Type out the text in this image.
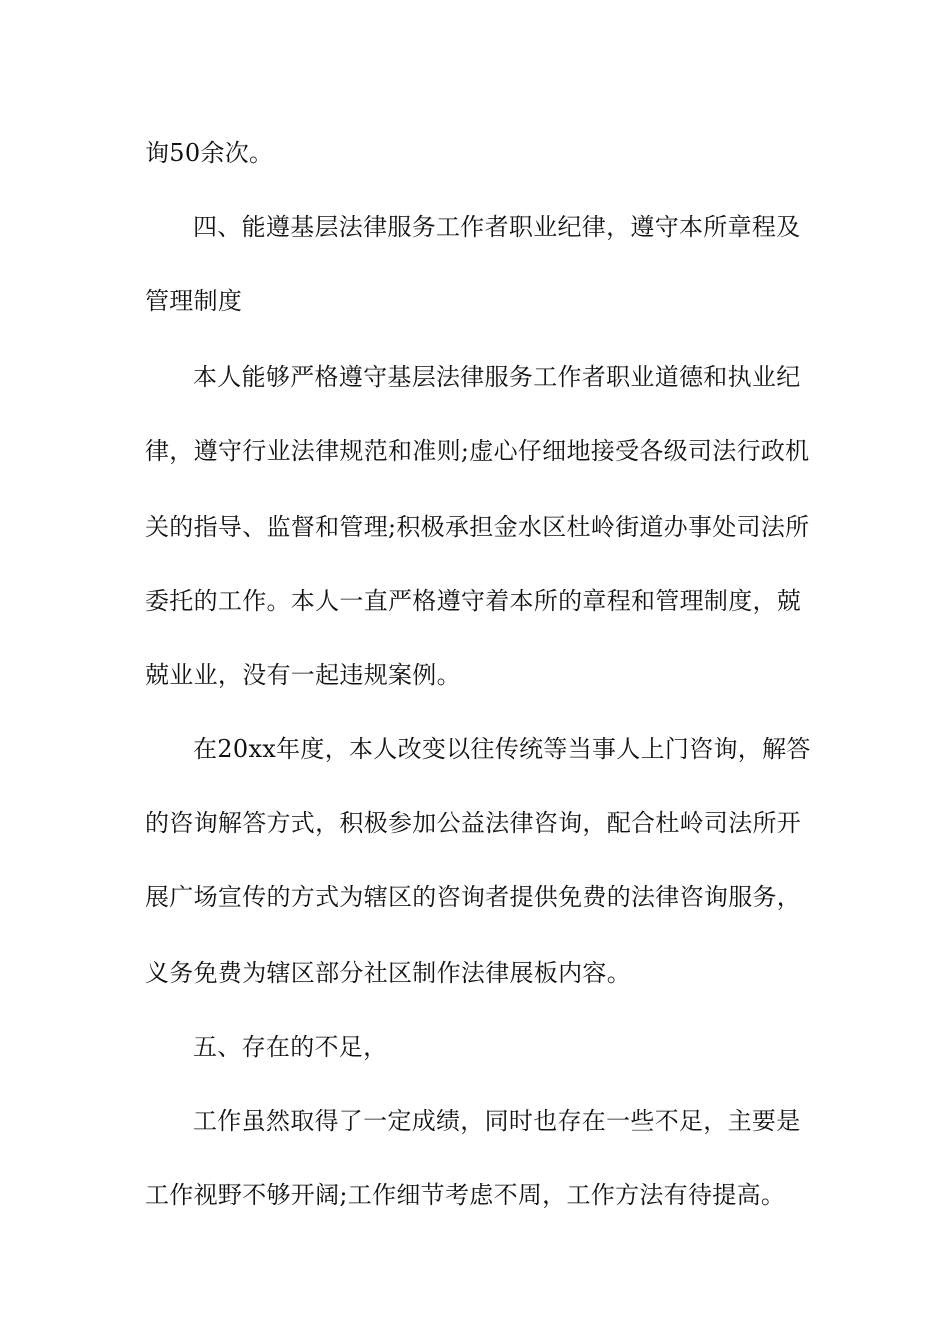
询50余次。
四、能遵基层法律服务工作者职业纪律，遵守本所章程及
管理制度
本人能够严格遵守基层法律服务工作者职业道德和执业纪
律，遵守行业法律规范和准则;虚心仔细地接受各级司法行政机
关的指导、监督和管理;积极承担金水区杜岭街道办事处司法所
委托的工作。本人一直严格遵守着本所的章程和管理制度，兢
兢业业，没有一起违规案例。
在20xx年度，本人改变以往传统等当事人上门咨询，解答
的咨询解答方式，积极参加公益法律咨询，配合杜岭司法所开
展广场宣传的方式为辖区的咨询者提供免费的法律咨询服务，
义务免费为辖区部分社区制作法律展板内容。
五、存在的不足，
工作虽然取得了一定成绩，同时也存在一些不足，主要是
工作视野不够开阔;工作细节考虑不周，工作方法有待提高。
